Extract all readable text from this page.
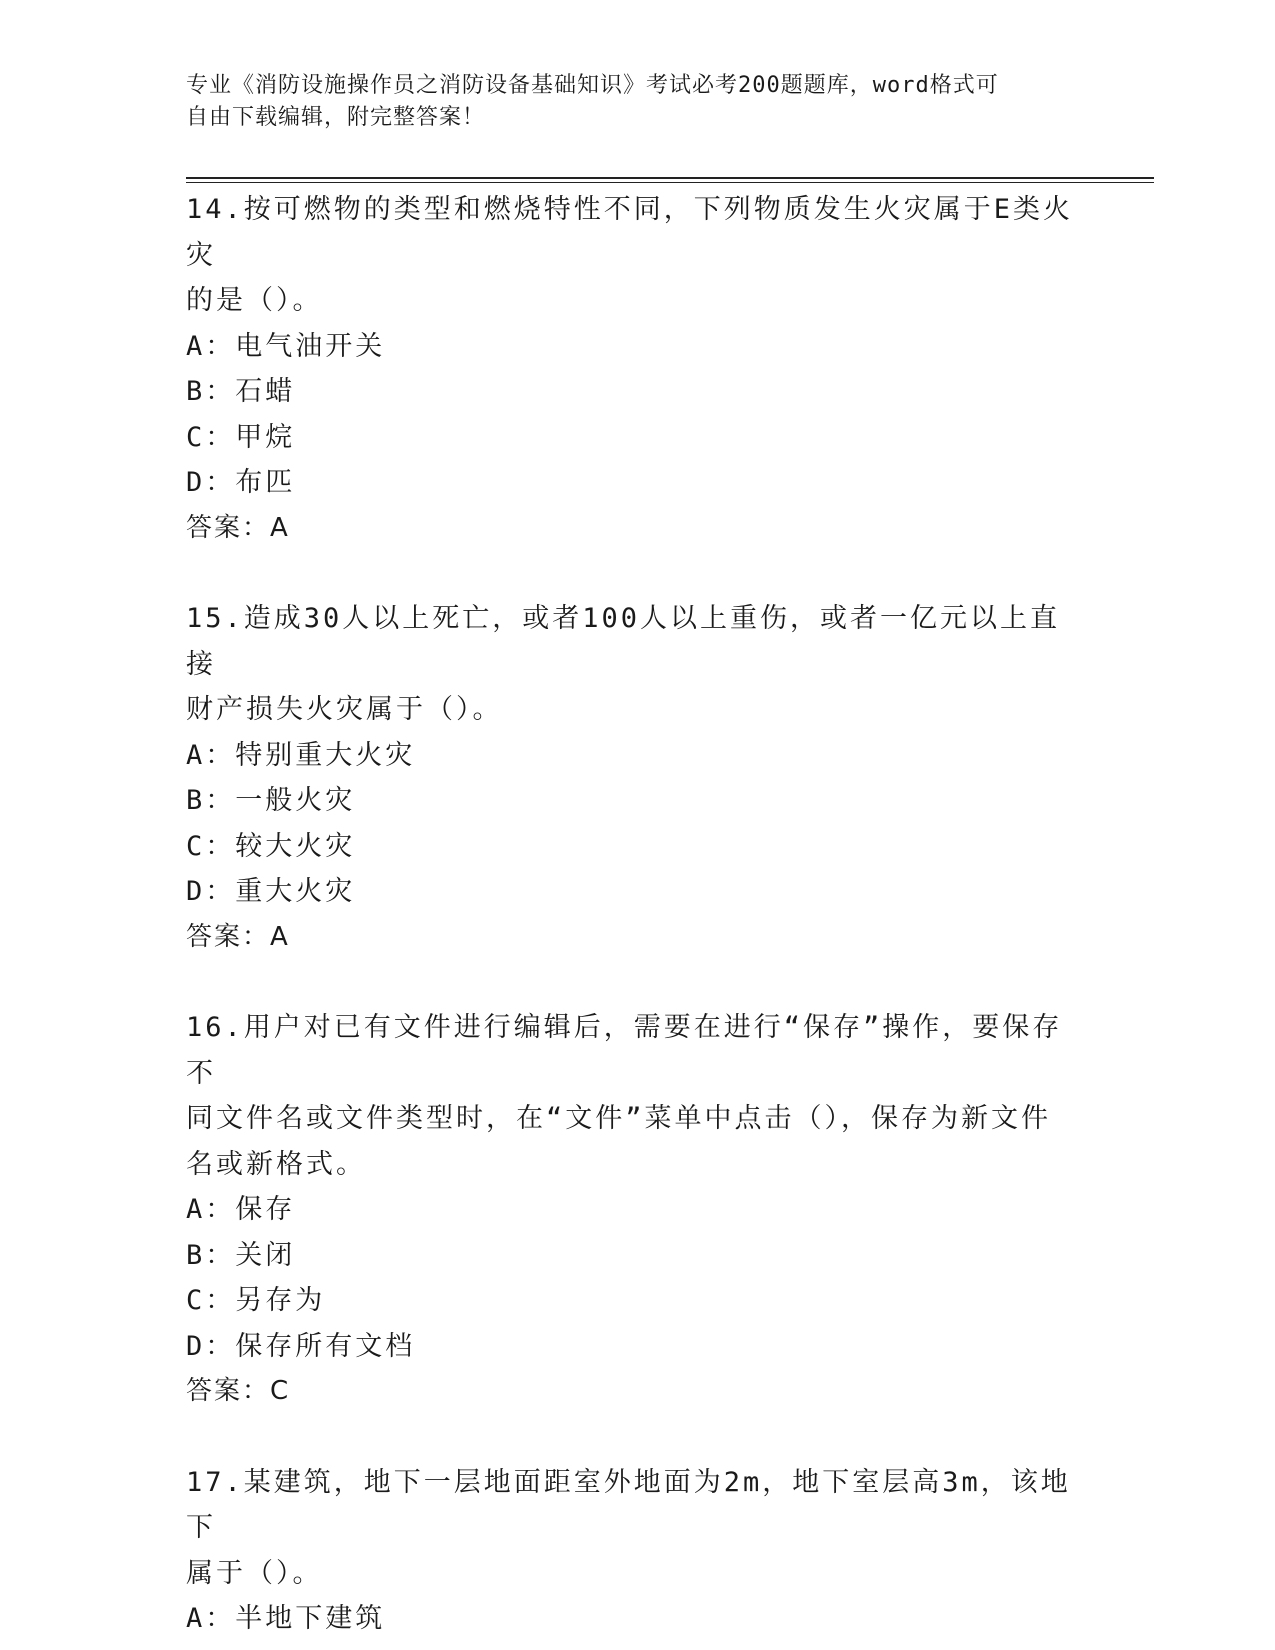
专业《消防设施操作员之消防设备基础知识》考试必考200题题库，word格式可
自由下载编辑，附完整答案！
14.按可燃物的类型和燃烧特性不同，下列物质发生火灾属于E类火灾
的是（）。
A：电气油开关
B：石蜡
C：甲烷
D：布匹
答案：A
15.造成30人以上死亡，或者100人以上重伤，或者一亿元以上直接
财产损失火灾属于（）。
A：特别重大火灾
B：一般火灾
C：较大火灾
D：重大火灾
答案：A
16.用户对已有文件进行编辑后，需要在进行“保存”操作，要保存不
同文件名或文件类型时，在“文件”菜单中点击（），保存为新文件
名或新格式。
A：保存
B：关闭
C：另存为
D：保存所有文档
答案：C
17.某建筑，地下一层地面距室外地面为2m，地下室层高3m，该地下
属于（）。
A：半地下建筑
